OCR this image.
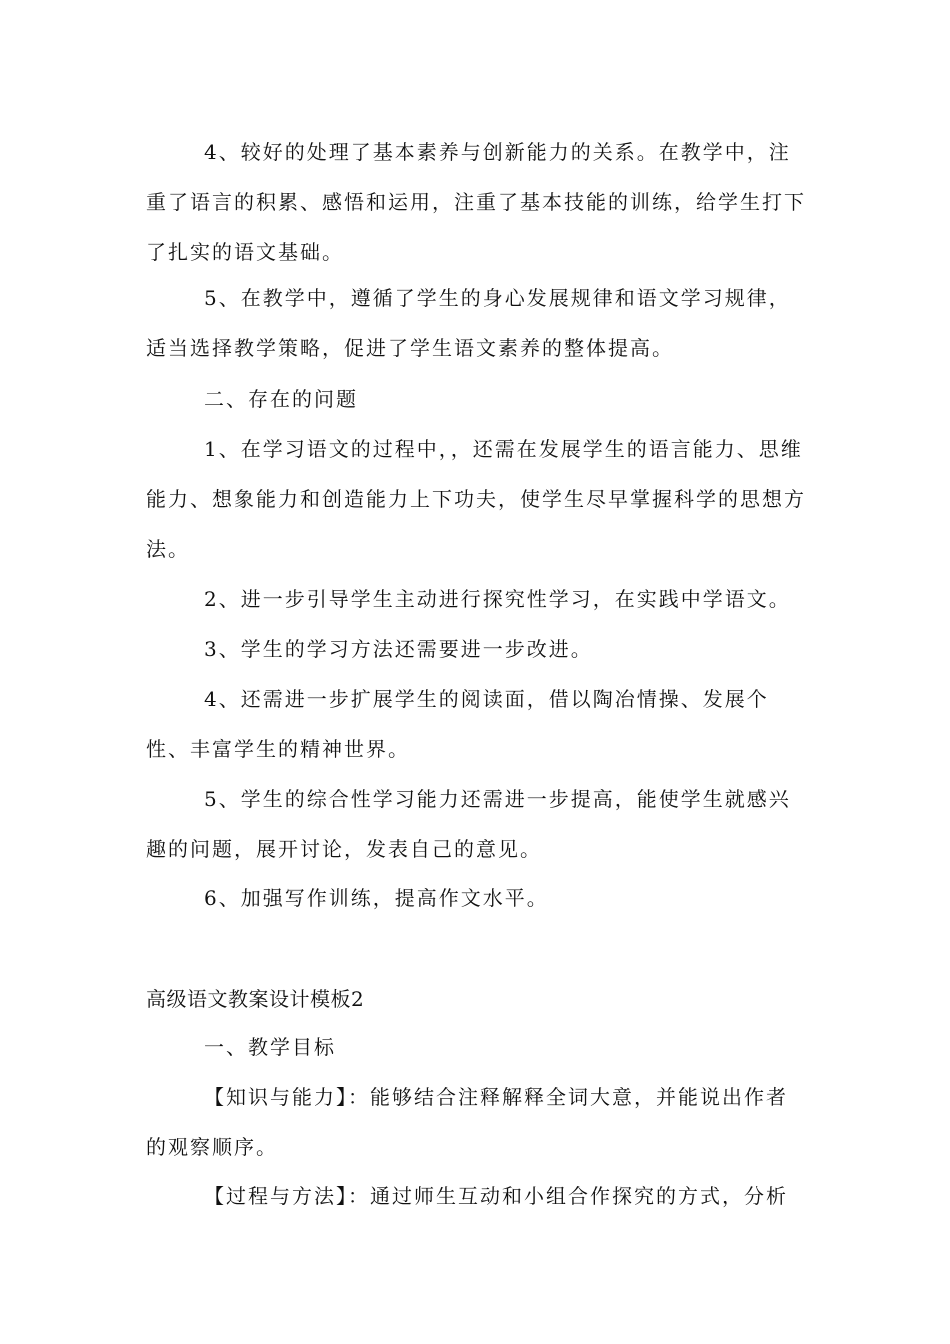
4、较好的处理了基本素养与创新能力的关系。在教学中，注重了语言的积累、感悟和运用，注重了基本技能的训练，给学生打下了扎实的语文基础。

5、在教学中，遵循了学生的身心发展规律和语文学习规律，适当选择教学策略，促进了学生语文素养的整体提高。

二、存在的问题

1、在学习语文的过程中，，还需在发展学生的语言能力、思维能力、想象能力和创造能力上下功夫，使学生尽早掌握科学的思想方法。

2、进一步引导学生主动进行探究性学习，在实践中学语文。

3、学生的学习方法还需要进一步改进。

4、还需进一步扩展学生的阅读面，借以陶冶情操、发展个性、丰富学生的精神世界。

5、学生的综合性学习能力还需进一步提高，能使学生就感兴趣的问题，展开讨论，发表自己的意见。

6、加强写作训练，提高作文水平。

高级语文教案设计模板2

一、教学目标

【知识与能力】：能够结合注释解释全词大意，并能说出作者的观察顺序。

【过程与方法】：通过师生互动和小组合作探究的方式，分析
